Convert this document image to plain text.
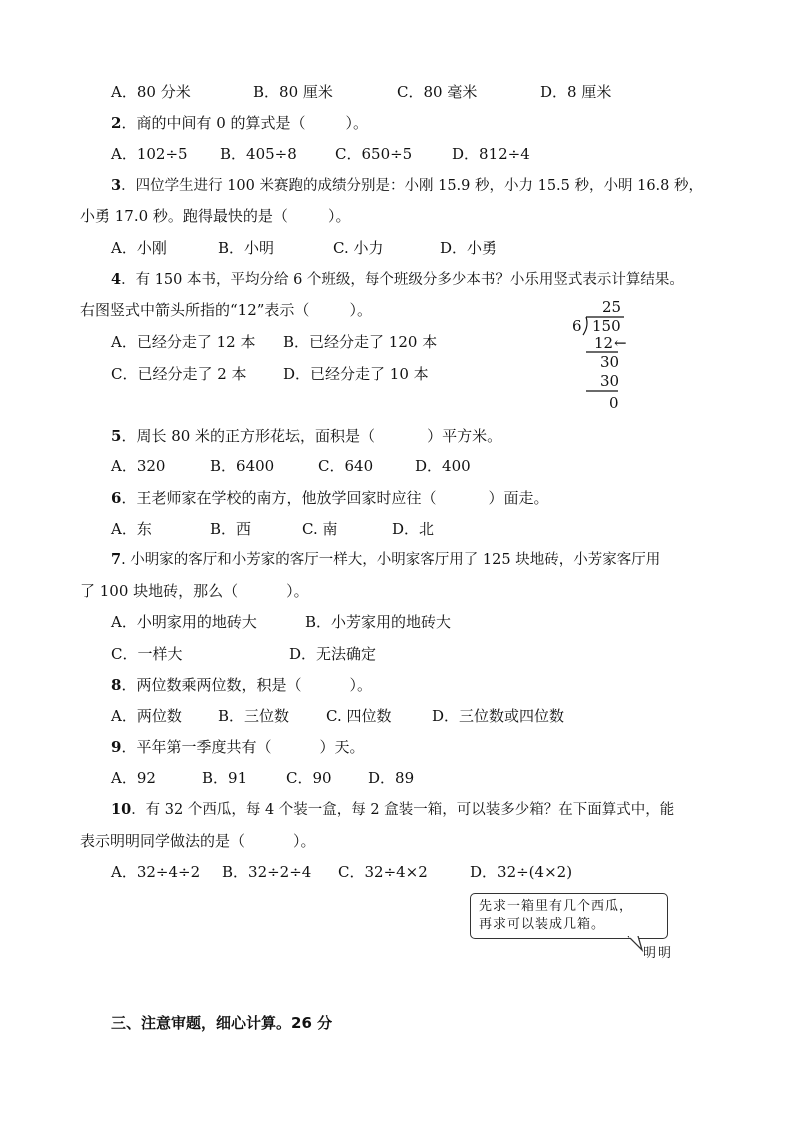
A．80 分米	B．80 厘米	C．80 毫米	D．8 厘米
2．商的中间有 0 的算式是（	）。
A．102÷5 B．405÷8	C．650÷5	D．812÷4
3．四位学生进行 100 米赛跑的成绩分别是：小刚 15.9 秒，小力 15.5 秒，小明 16.8 秒，
小勇 17.0 秒。跑得最快的是（	）。
A．小刚	B．小明	C. 小力	D．小勇
4．有 150 本书，平均分给 6 个班级，每个班级分多少本书？小乐用竖式表示计算结果。
右图竖式中箭头所指的“12”表示（	）。
A．已经分走了 12 本 B．已经分走了 120 本
C．已经分走了 2 本 D．已经分走了 10 本
25
6 150
12 ←
30
30
0
5．周长 80 米的正方形花坛，面积是（	）平方米。
A．320	B．6400	C．640	D．400
6．王老师家在学校的南方，他放学回家时应往（	）面走。
A．东	B．西	C. 南	D．北
7. 小明家的客厅和小芳家的客厅一样大，小明家客厅用了 125 块地砖，小芳家客厅用
了 100 块地砖，那么（	）。
A．小明家用的地砖大	B．小芳家用的地砖大
C．一样大	D．无法确定
8．两位数乘两位数，积是（	）。
A．两位数 B．三位数 C. 四位数	D．三位数或四位数
9．平年第一季度共有（	）天。
A．92	B．91	C．90 D．89
10．有 32 个西瓜，每 4 个装一盒，每 2 盒装一箱，可以装多少箱？在下面算式中，能
表示明明同学做法的是（	）。
A．32÷4÷2 B．32÷2÷4 C．32÷4×2	D．32÷(4×2)
先求一箱里有几个西瓜，
再求可以装成几箱。
明明
三、注意审题，细心计算。26 分
